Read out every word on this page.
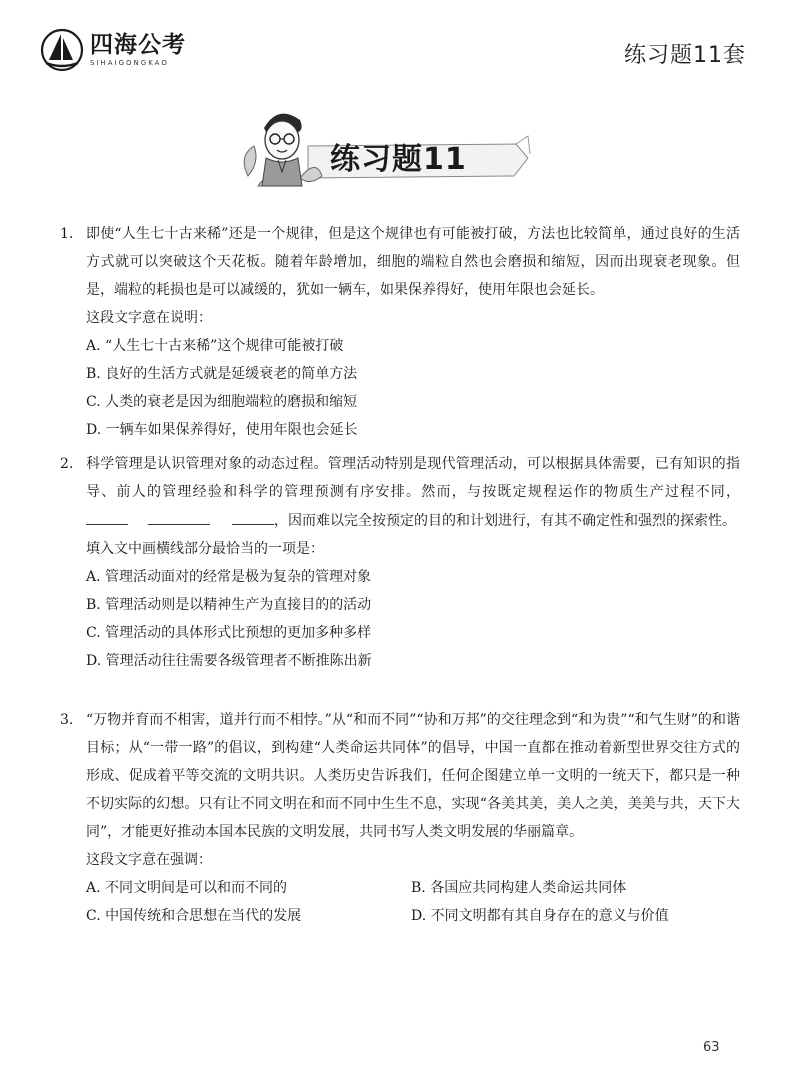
四海公考
SIHAIGONGKAO	练习题11套
练习题11
1. 即使“人生七十古来稀”还是一个规律，但是这个规律也有可能被打破，方法也比较简单，通过良好的生活方式就可以突破这个天花板。随着年龄增加，细胞的端粒自然也会磨损和缩短，因而出现衰老现象。但是，端粒的耗损也是可以减缓的，犹如一辆车，如果保养得好，使用年限也会延长。
这段文字意在说明：
A. “人生七十古来稀”这个规律可能被打破
B. 良好的生活方式就是延缓衰老的简单方法
C. 人类的衰老是因为细胞端粒的磨损和缩短
D. 一辆车如果保养得好，使用年限也会延长
2. 科学管理是认识管理对象的动态过程。管理活动特别是现代管理活动，可以根据具体需要，已有知识的指导、前人的管理经验和科学的管理预测有序安排。然而，与按既定规程运作的物质生产过程不同，，因而难以完全按预定的目的和计划进行，有其不确定性和强烈的探索性。
填入文中画横线部分最恰当的一项是：
A. 管理活动面对的经常是极为复杂的管理对象
B. 管理活动则是以精神生产为直接目的的活动
C. 管理活动的具体形式比预想的更加多种多样
D. 管理活动往往需要各级管理者不断推陈出新
3. “万物并育而不相害，道并行而不相悖。”从“和而不同”“协和万邦”的交往理念到“和为贵”“和气生财”的和谐目标；从“一带一路”的倡议，到构建“人类命运共同体”的倡导，中国一直都在推动着新型世界交往方式的形成、促成着平等交流的文明共识。人类历史告诉我们，任何企图建立单一文明的一统天下，都只是一种不切实际的幻想。只有让不同文明在和而不同中生生不息，实现“各美其美，美人之美，美美与共，天下大同”，才能更好推动本国本民族的文明发展，共同书写人类文明发展的华丽篇章。
这段文字意在强调：
A. 不同文明间是可以和而不同的	B. 各国应共同构建人类命运共同体
C. 中国传统和合思想在当代的发展	D. 不同文明都有其自身存在的意义与价值
63
